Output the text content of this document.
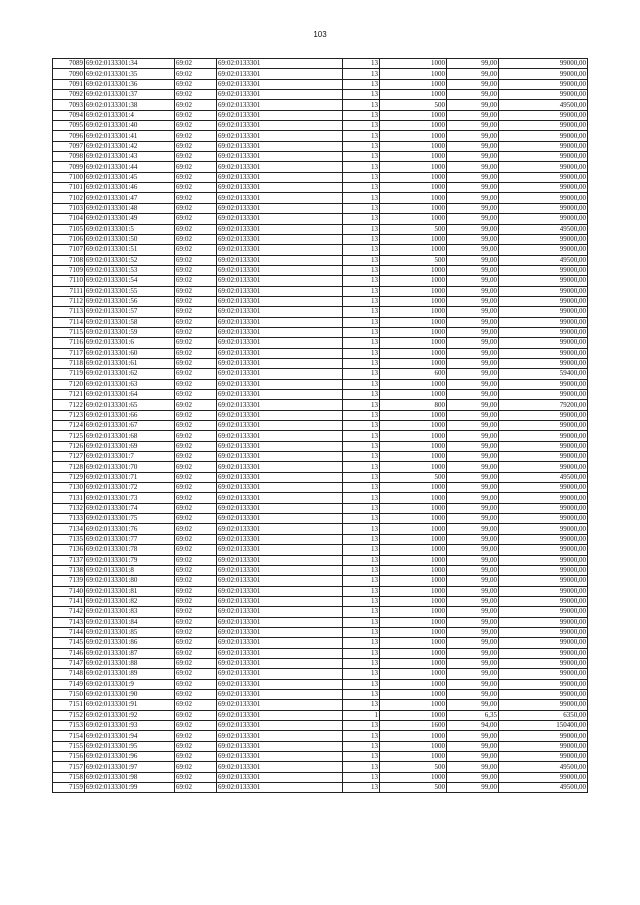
103
7089	69:02:0133301:34	69:02	69:02:0133301	13	1000	99,00	99000,00
7090	69:02:0133301:35	69:02	69:02:0133301	13	1000	99,00	99000,00
7091	69:02:0133301:36	69:02	69:02:0133301	13	1000	99,00	99000,00
7092	69:02:0133301:37	69:02	69:02:0133301	13	1000	99,00	99000,00
7093	69:02:0133301:38	69:02	69:02:0133301	13	500	99,00	49500,00
7094	69:02:0133301:4	69:02	69:02:0133301	13	1000	99,00	99000,00
7095	69:02:0133301:40	69:02	69:02:0133301	13	1000	99,00	99000,00
7096	69:02:0133301:41	69:02	69:02:0133301	13	1000	99,00	99000,00
7097	69:02:0133301:42	69:02	69:02:0133301	13	1000	99,00	99000,00
7098	69:02:0133301:43	69:02	69:02:0133301	13	1000	99,00	99000,00
7099	69:02:0133301:44	69:02	69:02:0133301	13	1000	99,00	99000,00
7100	69:02:0133301:45	69:02	69:02:0133301	13	1000	99,00	99000,00
7101	69:02:0133301:46	69:02	69:02:0133301	13	1000	99,00	99000,00
7102	69:02:0133301:47	69:02	69:02:0133301	13	1000	99,00	99000,00
7103	69:02:0133301:48	69:02	69:02:0133301	13	1000	99,00	99000,00
7104	69:02:0133301:49	69:02	69:02:0133301	13	1000	99,00	99000,00
7105	69:02:0133301:5	69:02	69:02:0133301	13	500	99,00	49500,00
7106	69:02:0133301:50	69:02	69:02:0133301	13	1000	99,00	99000,00
7107	69:02:0133301:51	69:02	69:02:0133301	13	1000	99,00	99000,00
7108	69:02:0133301:52	69:02	69:02:0133301	13	500	99,00	49500,00
7109	69:02:0133301:53	69:02	69:02:0133301	13	1000	99,00	99000,00
7110	69:02:0133301:54	69:02	69:02:0133301	13	1000	99,00	99000,00
7111	69:02:0133301:55	69:02	69:02:0133301	13	1000	99,00	99000,00
7112	69:02:0133301:56	69:02	69:02:0133301	13	1000	99,00	99000,00
7113	69:02:0133301:57	69:02	69:02:0133301	13	1000	99,00	99000,00
7114	69:02:0133301:58	69:02	69:02:0133301	13	1000	99,00	99000,00
7115	69:02:0133301:59	69:02	69:02:0133301	13	1000	99,00	99000,00
7116	69:02:0133301:6	69:02	69:02:0133301	13	1000	99,00	99000,00
7117	69:02:0133301:60	69:02	69:02:0133301	13	1000	99,00	99000,00
7118	69:02:0133301:61	69:02	69:02:0133301	13	1000	99,00	99000,00
7119	69:02:0133301:62	69:02	69:02:0133301	13	600	99,00	59400,00
7120	69:02:0133301:63	69:02	69:02:0133301	13	1000	99,00	99000,00
7121	69:02:0133301:64	69:02	69:02:0133301	13	1000	99,00	99000,00
7122	69:02:0133301:65	69:02	69:02:0133301	13	800	99,00	79200,00
7123	69:02:0133301:66	69:02	69:02:0133301	13	1000	99,00	99000,00
7124	69:02:0133301:67	69:02	69:02:0133301	13	1000	99,00	99000,00
7125	69:02:0133301:68	69:02	69:02:0133301	13	1000	99,00	99000,00
7126	69:02:0133301:69	69:02	69:02:0133301	13	1000	99,00	99000,00
7127	69:02:0133301:7	69:02	69:02:0133301	13	1000	99,00	99000,00
7128	69:02:0133301:70	69:02	69:02:0133301	13	1000	99,00	99000,00
7129	69:02:0133301:71	69:02	69:02:0133301	13	500	99,00	49500,00
7130	69:02:0133301:72	69:02	69:02:0133301	13	1000	99,00	99000,00
7131	69:02:0133301:73	69:02	69:02:0133301	13	1000	99,00	99000,00
7132	69:02:0133301:74	69:02	69:02:0133301	13	1000	99,00	99000,00
7133	69:02:0133301:75	69:02	69:02:0133301	13	1000	99,00	99000,00
7134	69:02:0133301:76	69:02	69:02:0133301	13	1000	99,00	99000,00
7135	69:02:0133301:77	69:02	69:02:0133301	13	1000	99,00	99000,00
7136	69:02:0133301:78	69:02	69:02:0133301	13	1000	99,00	99000,00
7137	69:02:0133301:79	69:02	69:02:0133301	13	1000	99,00	99000,00
7138	69:02:0133301:8	69:02	69:02:0133301	13	1000	99,00	99000,00
7139	69:02:0133301:80	69:02	69:02:0133301	13	1000	99,00	99000,00
7140	69:02:0133301:81	69:02	69:02:0133301	13	1000	99,00	99000,00
7141	69:02:0133301:82	69:02	69:02:0133301	13	1000	99,00	99000,00
7142	69:02:0133301:83	69:02	69:02:0133301	13	1000	99,00	99000,00
7143	69:02:0133301:84	69:02	69:02:0133301	13	1000	99,00	99000,00
7144	69:02:0133301:85	69:02	69:02:0133301	13	1000	99,00	99000,00
7145	69:02:0133301:86	69:02	69:02:0133301	13	1000	99,00	99000,00
7146	69:02:0133301:87	69:02	69:02:0133301	13	1000	99,00	99000,00
7147	69:02:0133301:88	69:02	69:02:0133301	13	1000	99,00	99000,00
7148	69:02:0133301:89	69:02	69:02:0133301	13	1000	99,00	99000,00
7149	69:02:0133301:9	69:02	69:02:0133301	13	1000	99,00	99000,00
7150	69:02:0133301:90	69:02	69:02:0133301	13	1000	99,00	99000,00
7151	69:02:0133301:91	69:02	69:02:0133301	13	1000	99,00	99000,00
7152	69:02:0133301:92	69:02	69:02:0133301	1	1000	6,35	6350,00
7153	69:02:0133301:93	69:02	69:02:0133301	13	1600	94,00	150400,00
7154	69:02:0133301:94	69:02	69:02:0133301	13	1000	99,00	99000,00
7155	69:02:0133301:95	69:02	69:02:0133301	13	1000	99,00	99000,00
7156	69:02:0133301:96	69:02	69:02:0133301	13	1000	99,00	99000,00
7157	69:02:0133301:97	69:02	69:02:0133301	13	500	99,00	49500,00
7158	69:02:0133301:98	69:02	69:02:0133301	13	1000	99,00	99000,00
7159	69:02:0133301:99	69:02	69:02:0133301	13	500	99,00	49500,00
